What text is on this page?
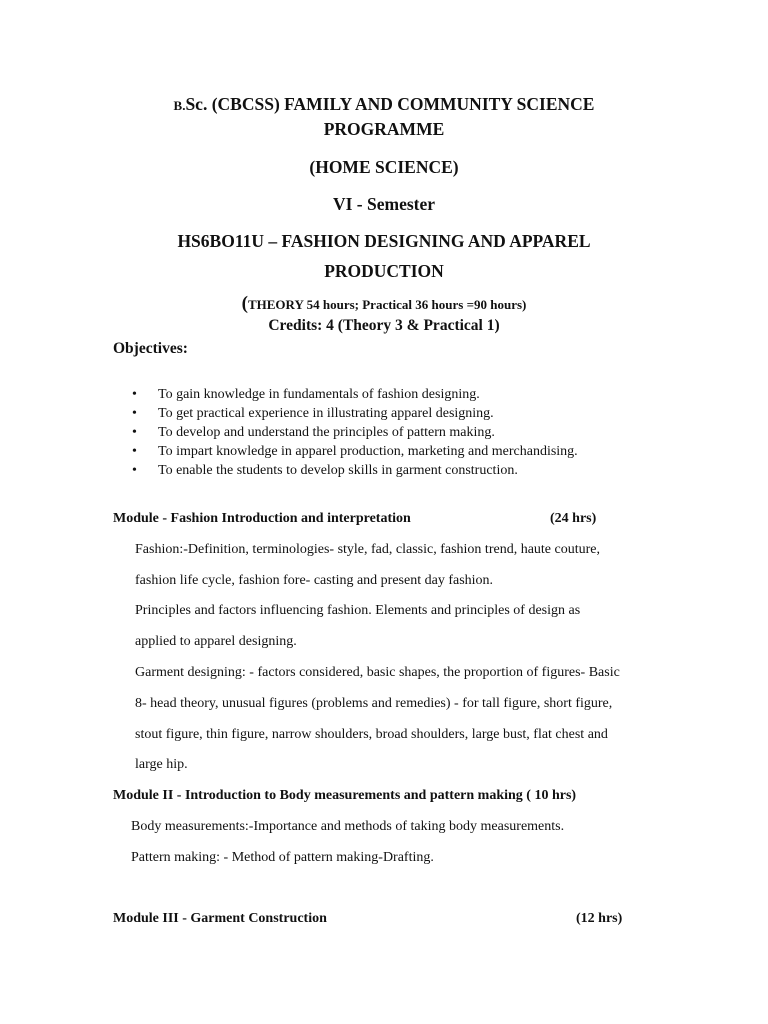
B.Sc. (CBCSS) FAMILY AND COMMUNITY SCIENCE
PROGRAMME
(HOME SCIENCE)
VI - Semester
HS6BO11U – FASHION DESIGNING AND APPAREL
PRODUCTION
(THEORY 54 hours; Practical 36 hours =90 hours)
Credits: 4 (Theory 3 & Practical 1)
Objectives:
• To gain knowledge in fundamentals of fashion designing.
• To get practical experience in illustrating apparel designing.
• To develop and understand the principles of pattern making.
• To impart knowledge in apparel production, marketing and merchandising.
• To enable the students to develop skills in garment construction.
Module - Fashion Introduction and interpretation	(24 hrs)
Fashion:-Definition, terminologies- style, fad, classic, fashion trend, haute couture,
fashion life cycle, fashion fore- casting and present day fashion.
Principles and factors influencing fashion. Elements and principles of design as
applied to apparel designing.
Garment designing: - factors considered, basic shapes, the proportion of figures- Basic
8- head theory, unusual figures (problems and remedies) - for tall figure, short figure,
stout figure, thin figure, narrow shoulders, broad shoulders, large bust, flat chest and
large hip.
Module II - Introduction to Body measurements and pattern making ( 10 hrs)
Body measurements:-Importance and methods of taking body measurements.
Pattern making: - Method of pattern making-Drafting.
Module III - Garment Construction	(12 hrs)
